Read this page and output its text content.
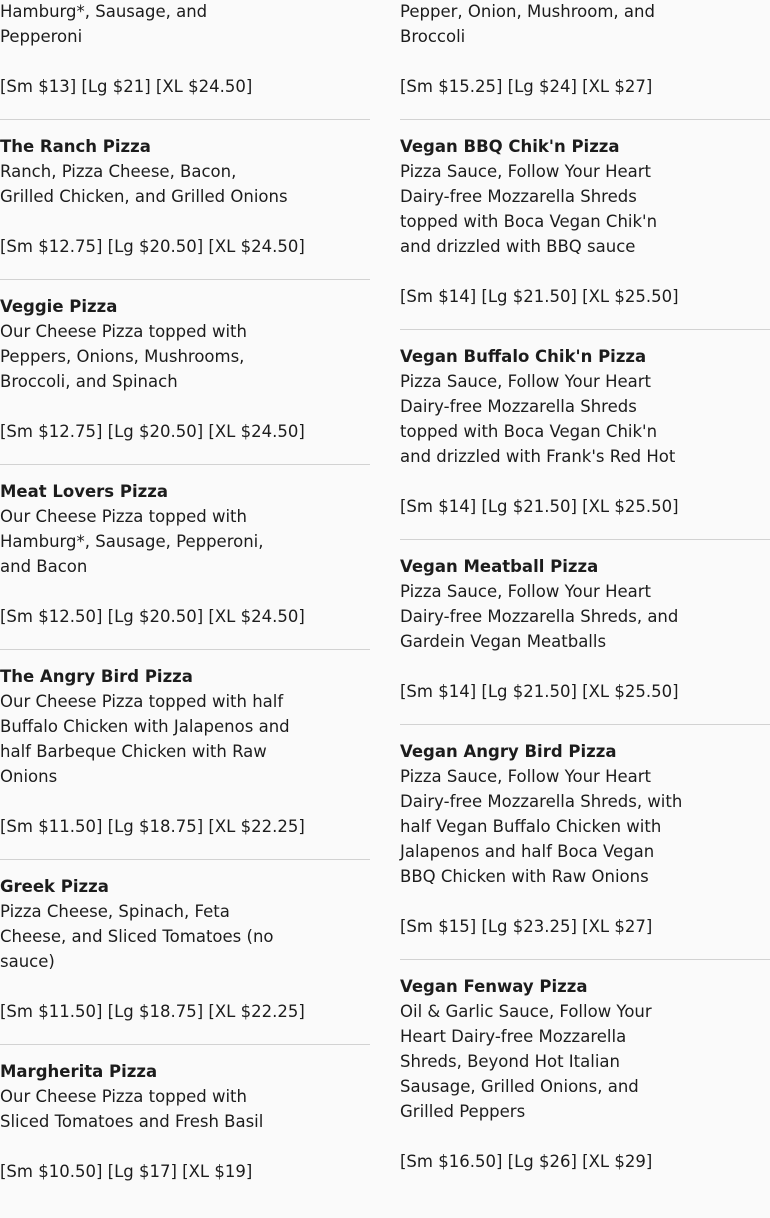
Hamburg*, Sausage, and Pepperoni
[Sm $13] [Lg $21] [XL $24.50]
The Ranch Pizza
Ranch, Pizza Cheese, Bacon, Grilled Chicken, and Grilled Onions
[Sm $12.75] [Lg $20.50] [XL $24.50]
Veggie Pizza
Our Cheese Pizza topped with Peppers, Onions, Mushrooms, Broccoli, and Spinach
[Sm $12.75] [Lg $20.50] [XL $24.50]
Meat Lovers Pizza
Our Cheese Pizza topped with Hamburg*, Sausage, Pepperoni, and Bacon
[Sm $12.50] [Lg $20.50] [XL $24.50]
The Angry Bird Pizza
Our Cheese Pizza topped with half Buffalo Chicken with Jalapenos and half Barbeque Chicken with Raw Onions
[Sm $11.50] [Lg $18.75] [XL $22.25]
Greek Pizza
Pizza Cheese, Spinach, Feta Cheese, and Sliced Tomatoes (no sauce)
[Sm $11.50] [Lg $18.75] [XL $22.25]
Margherita Pizza
Our Cheese Pizza topped with Sliced Tomatoes and Fresh Basil
[Sm $10.50] [Lg $17] [XL $19]
Pepper, Onion, Mushroom, and Broccoli
[Sm $15.25] [Lg $24] [XL $27]
Vegan BBQ Chik'n Pizza
Pizza Sauce, Follow Your Heart Dairy-free Mozzarella Shreds topped with Boca Vegan Chik'n and drizzled with BBQ sauce
[Sm $14] [Lg $21.50] [XL $25.50]
Vegan Buffalo Chik'n Pizza
Pizza Sauce, Follow Your Heart Dairy-free Mozzarella Shreds topped with Boca Vegan Chik'n and drizzled with Frank's Red Hot
[Sm $14] [Lg $21.50] [XL $25.50]
Vegan Meatball Pizza
Pizza Sauce, Follow Your Heart Dairy-free Mozzarella Shreds, and Gardein Vegan Meatballs
[Sm $14] [Lg $21.50] [XL $25.50]
Vegan Angry Bird Pizza
Pizza Sauce, Follow Your Heart Dairy-free Mozzarella Shreds, with half Vegan Buffalo Chicken with Jalapenos and half Boca Vegan BBQ Chicken with Raw Onions
[Sm $15] [Lg $23.25] [XL $27]
Vegan Fenway Pizza
Oil & Garlic Sauce, Follow Your Heart Dairy-free Mozzarella Shreds, Beyond Hot Italian Sausage, Grilled Onions, and Grilled Peppers
[Sm $16.50] [Lg $26] [XL $29]
